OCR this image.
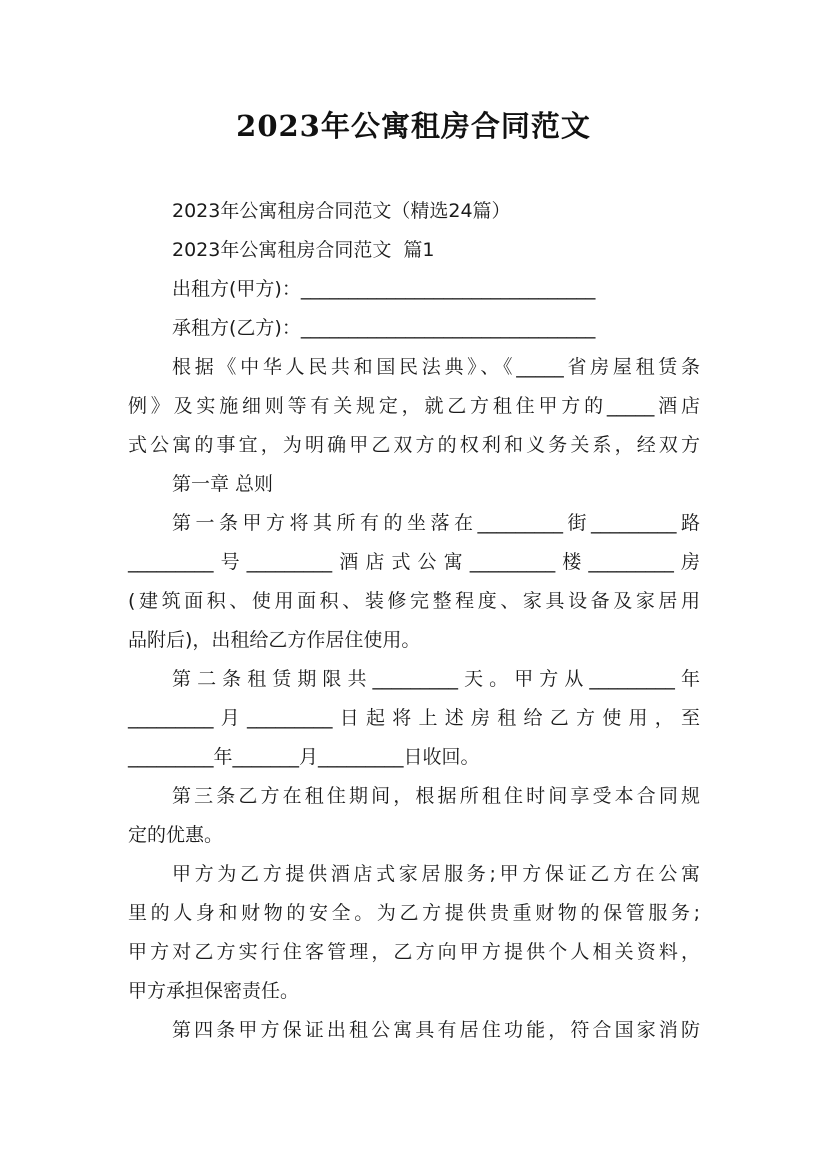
2023年公寓租房合同范文
2023年公寓租房合同范文（精选24篇）
2023年公寓租房合同范文  篇1
出租方(甲方)：_______________________________
承租方(乙方)：_______________________________
根据《中华人民共和国民法典》、《_____省房屋租赁条
例》及实施细则等有关规定，就乙方租住甲方的_____酒店
式公寓的事宜，为明确甲乙双方的权利和义务关系，经双方
第一章 总则
第一条甲方将其所有的坐落在_________街_________路
_________号_________酒店式公寓_________楼_________房
(建筑面积、使用面积、装修完整程度、家具设备及家居用
品附后)，出租给乙方作居住使用。
第二条租赁期限共_________天。甲方从_________年
_________月_________日起将上述房租给乙方使用，至
_________年_______月_________日收回。
第三条乙方在租住期间，根据所租住时间享受本合同规
定的优惠。
甲方为乙方提供酒店式家居服务;甲方保证乙方在公寓
里的人身和财物的安全。为乙方提供贵重财物的保管服务;
甲方对乙方实行住客管理，乙方向甲方提供个人相关资料，
甲方承担保密责任。
第四条甲方保证出租公寓具有居住功能，符合国家消防
